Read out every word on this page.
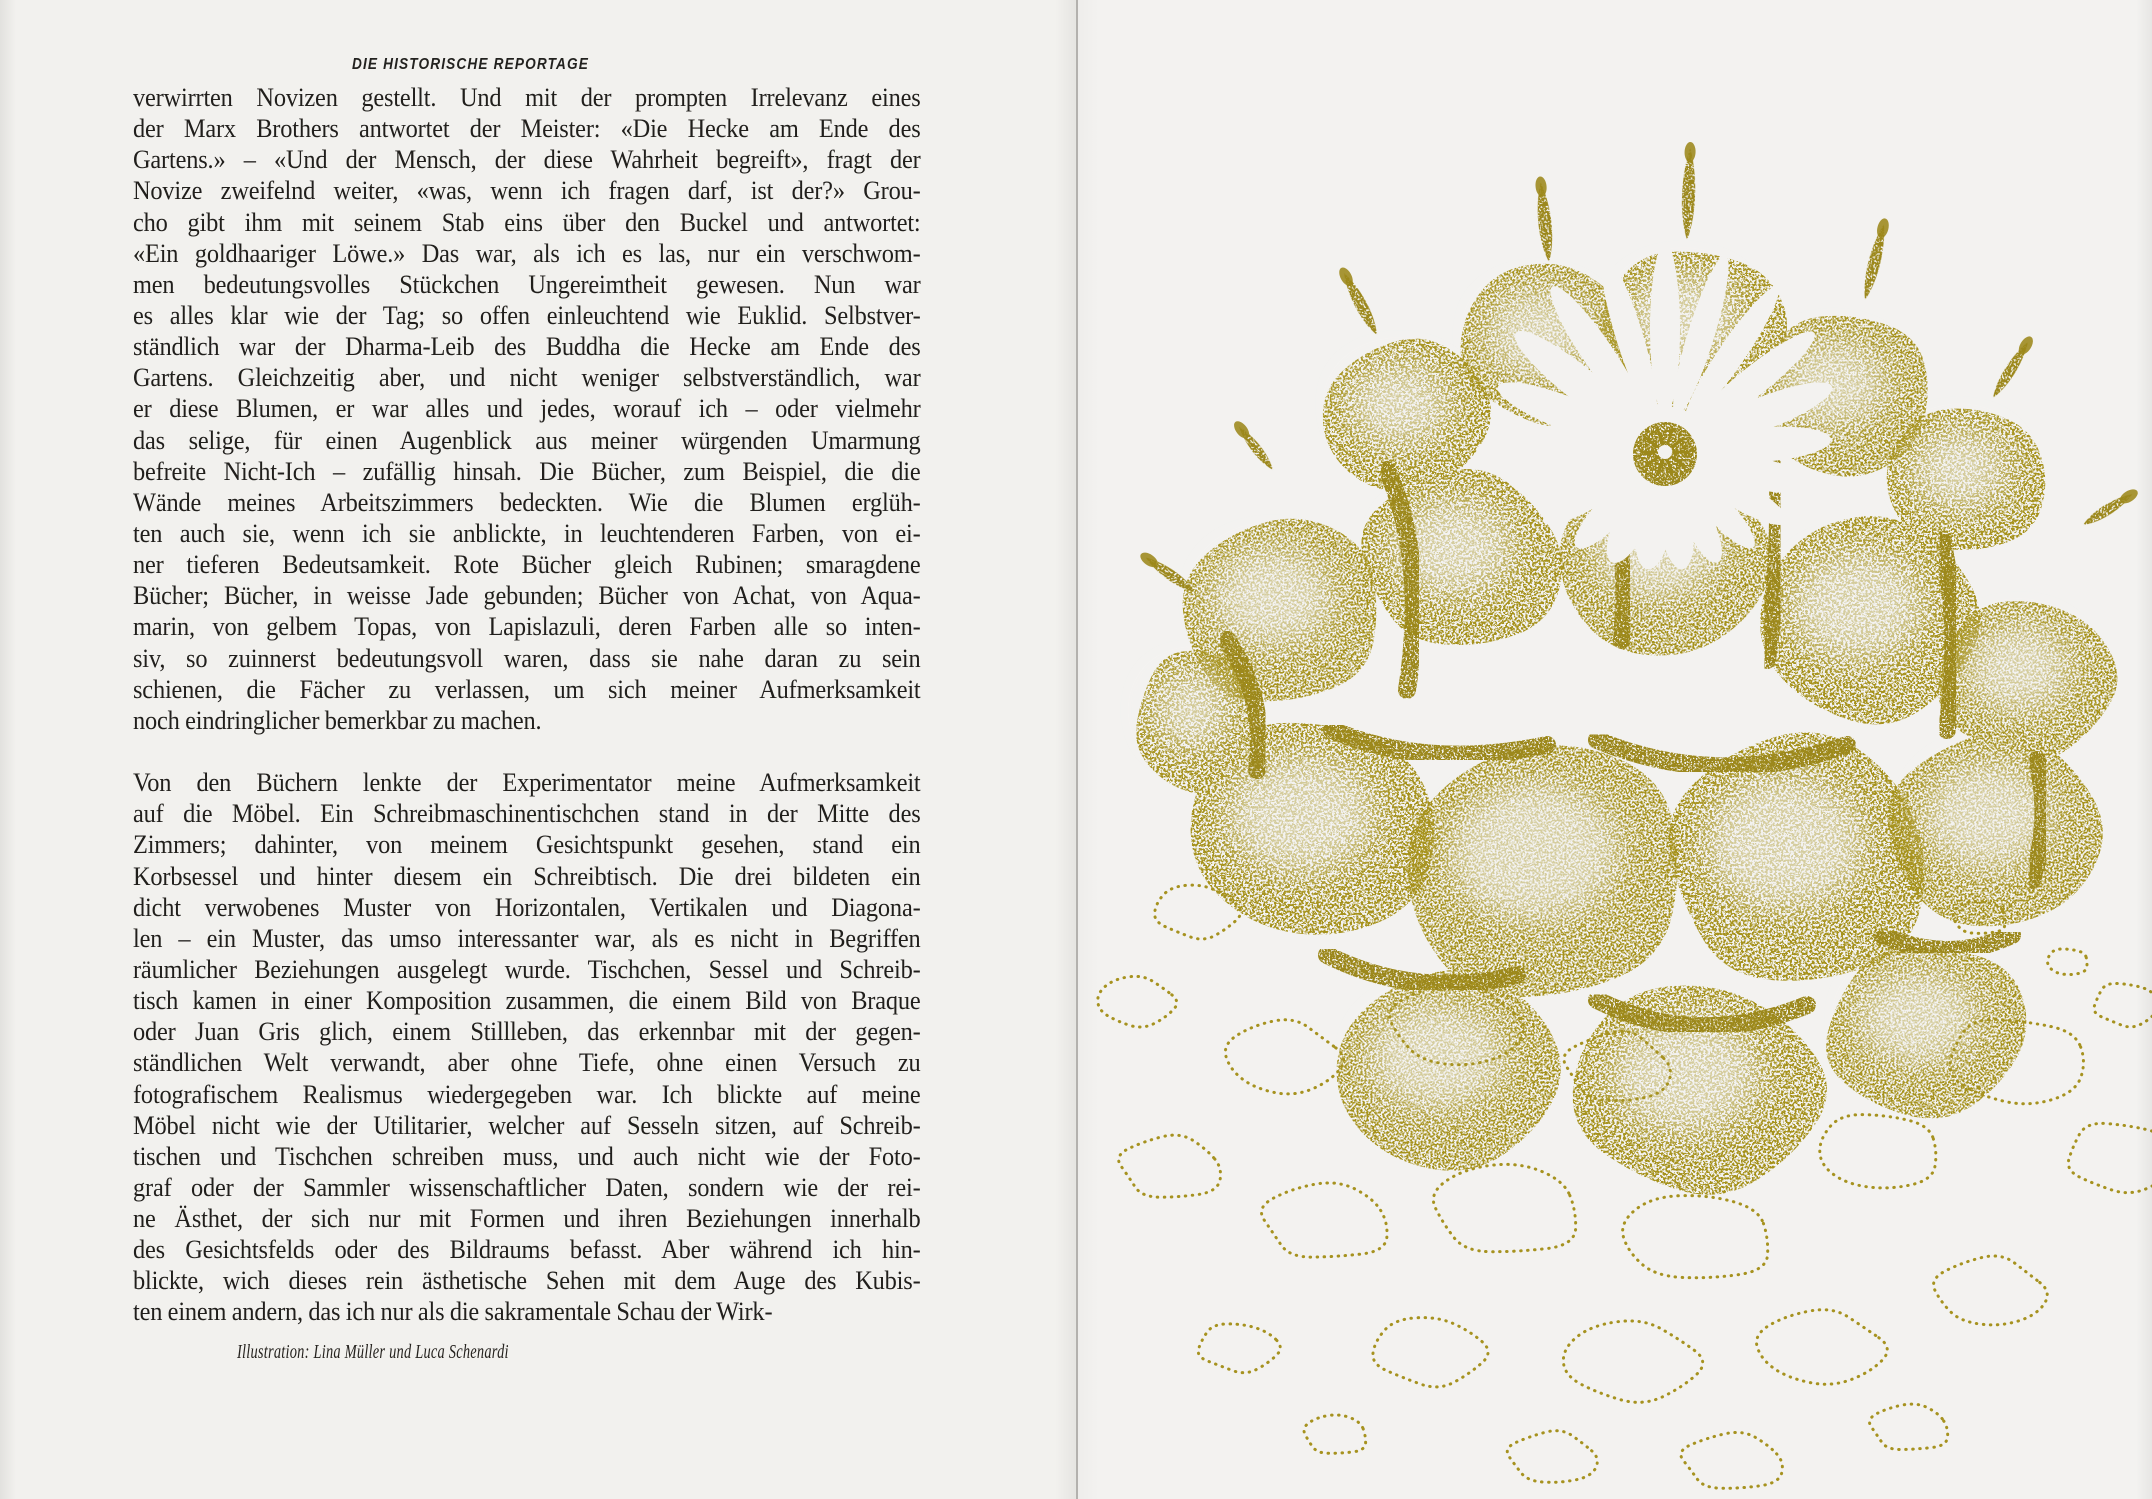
DIE HISTORISCHE REPORTAGE
verwirrten Novizen gestellt. Und mit der prompten Irrelevanz eines
der Marx Brothers antwortet der Meister: «Die Hecke am Ende des
Gartens.» – «Und der Mensch, der diese Wahrheit begreift», fragt der
Novize zweifelnd weiter, «was, wenn ich fragen darf, ist der?» Grou-
cho gibt ihm mit seinem Stab eins über den Buckel und antwortet:
«Ein goldhaariger Löwe.» Das war, als ich es las, nur ein verschwom-
men bedeutungsvolles Stückchen Ungereimtheit gewesen. Nun war
es alles klar wie der Tag; so offen einleuchtend wie Euklid. Selbstver-
ständlich war der Dharma-Leib des Buddha die Hecke am Ende des
Gartens. Gleichzeitig aber, und nicht weniger selbstverständlich, war
er diese Blumen, er war alles und jedes, worauf ich – oder vielmehr
das selige, für einen Augenblick aus meiner würgenden Umarmung
befreite Nicht-Ich – zufällig hinsah. Die Bücher, zum Beispiel, die die
Wände meines Arbeitszimmers bedeckten. Wie die Blumen erglüh-
ten auch sie, wenn ich sie anblickte, in leuchtenderen Farben, von ei-
ner tieferen Bedeutsamkeit. Rote Bücher gleich Rubinen; smaragdene
Bücher; Bücher, in weisse Jade gebunden; Bücher von Achat, von Aqua-
marin, von gelbem Topas, von Lapislazuli, deren Farben alle so inten-
siv, so zuinnerst bedeutungsvoll waren, dass sie nahe daran zu sein
schienen, die Fächer zu verlassen, um sich meiner Aufmerksamkeit
noch eindringlicher bemerkbar zu machen.
Von den Büchern lenkte der Experimentator meine Aufmerksamkeit
auf die Möbel. Ein Schreibmaschinentischchen stand in der Mitte des
Zimmers; dahinter, von meinem Gesichtspunkt gesehen, stand ein
Korbsessel und hinter diesem ein Schreibtisch. Die drei bildeten ein
dicht verwobenes Muster von Horizontalen, Vertikalen und Diagona-
len – ein Muster, das umso interessanter war, als es nicht in Begriffen
räumlicher Beziehungen ausgelegt wurde. Tischchen, Sessel und Schreib-
tisch kamen in einer Komposition zusammen, die einem Bild von Braque
oder Juan Gris glich, einem Stillleben, das erkennbar mit der gegen-
ständlichen Welt verwandt, aber ohne Tiefe, ohne einen Versuch zu
fotografischem Realismus wiedergegeben war. Ich blickte auf meine
Möbel nicht wie der Utilitarier, welcher auf Sesseln sitzen, auf Schreib-
tischen und Tischchen schreiben muss, und auch nicht wie der Foto-
graf oder der Sammler wissenschaftlicher Daten, sondern wie der rei-
ne Ästhet, der sich nur mit Formen und ihren Beziehungen innerhalb
des Gesichtsfelds oder des Bildraums befasst. Aber während ich hin-
blickte, wich dieses rein ästhetische Sehen mit dem Auge des Kubis-
ten einem andern, das ich nur als die sakramentale Schau der Wirk-
Illustration: Lina Müller und Luca Schenardi
